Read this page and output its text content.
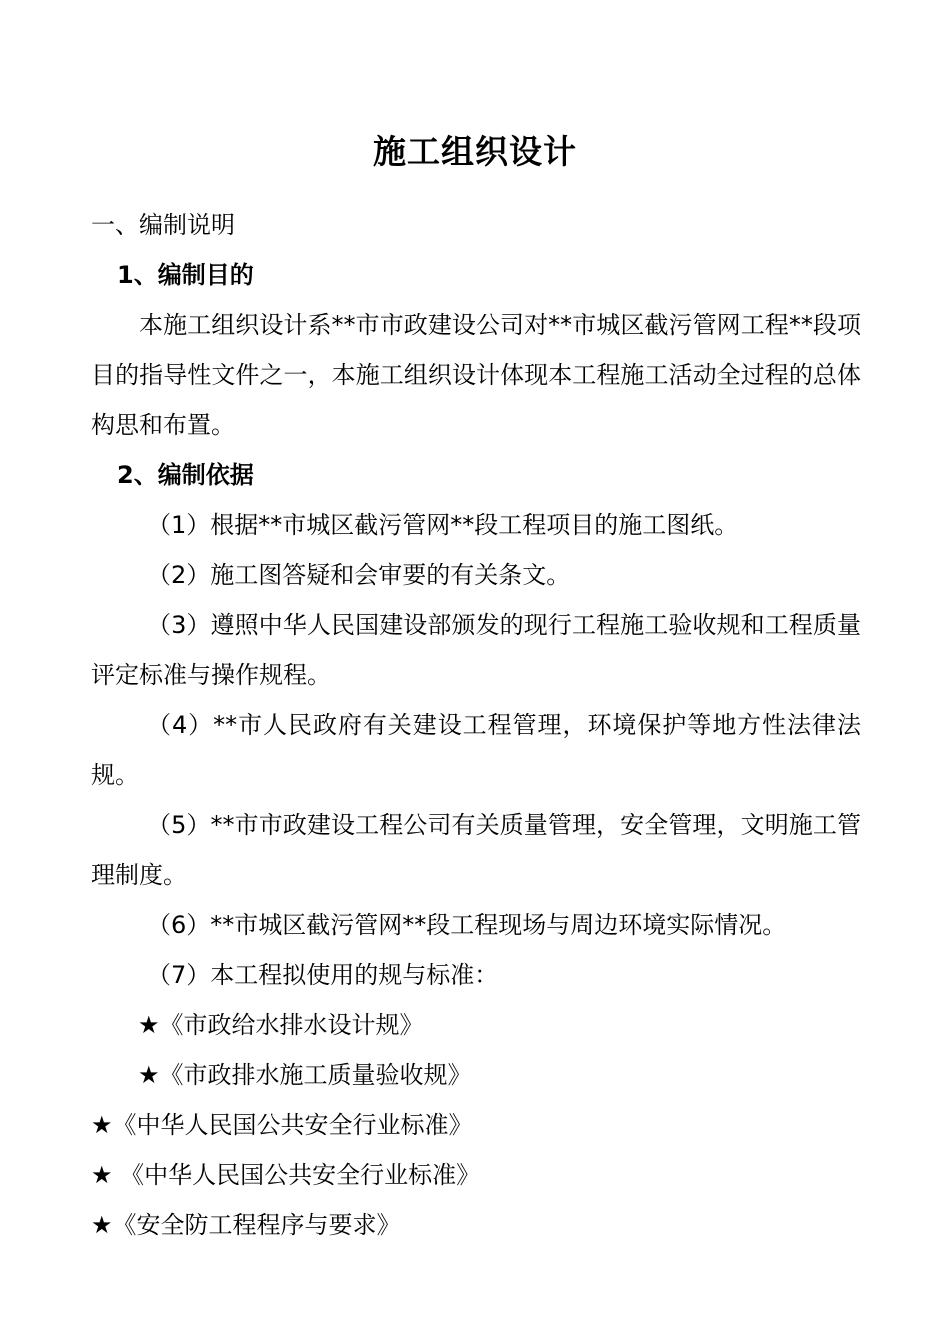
施工组织设计
一、编制说明
1、编制目的
本施工组织设计系**市市政建设公司对**市城区截污管网工程**段项目的指导性文件之一，本施工组织设计体现本工程施工活动全过程的总体构思和布置。
2、编制依据
（1）根据**市城区截污管网**段工程项目的施工图纸。
（2）施工图答疑和会审要的有关条文。
（3）遵照中华人民国建设部颁发的现行工程施工验收规和工程质量评定标准与操作规程。
（4）**市人民政府有关建设工程管理，环境保护等地方性法律法规。
（5）**市市政建设工程公司有关质量管理，安全管理，文明施工管理制度。
（6）**市城区截污管网**段工程现场与周边环境实际情况。
（7）本工程拟使用的规与标准：
★《市政给水排水设计规》
★《市政排水施工质量验收规》
★《中华人民国公共安全行业标准》
★ 《中华人民国公共安全行业标准》
★《安全防工程程序与要求》
